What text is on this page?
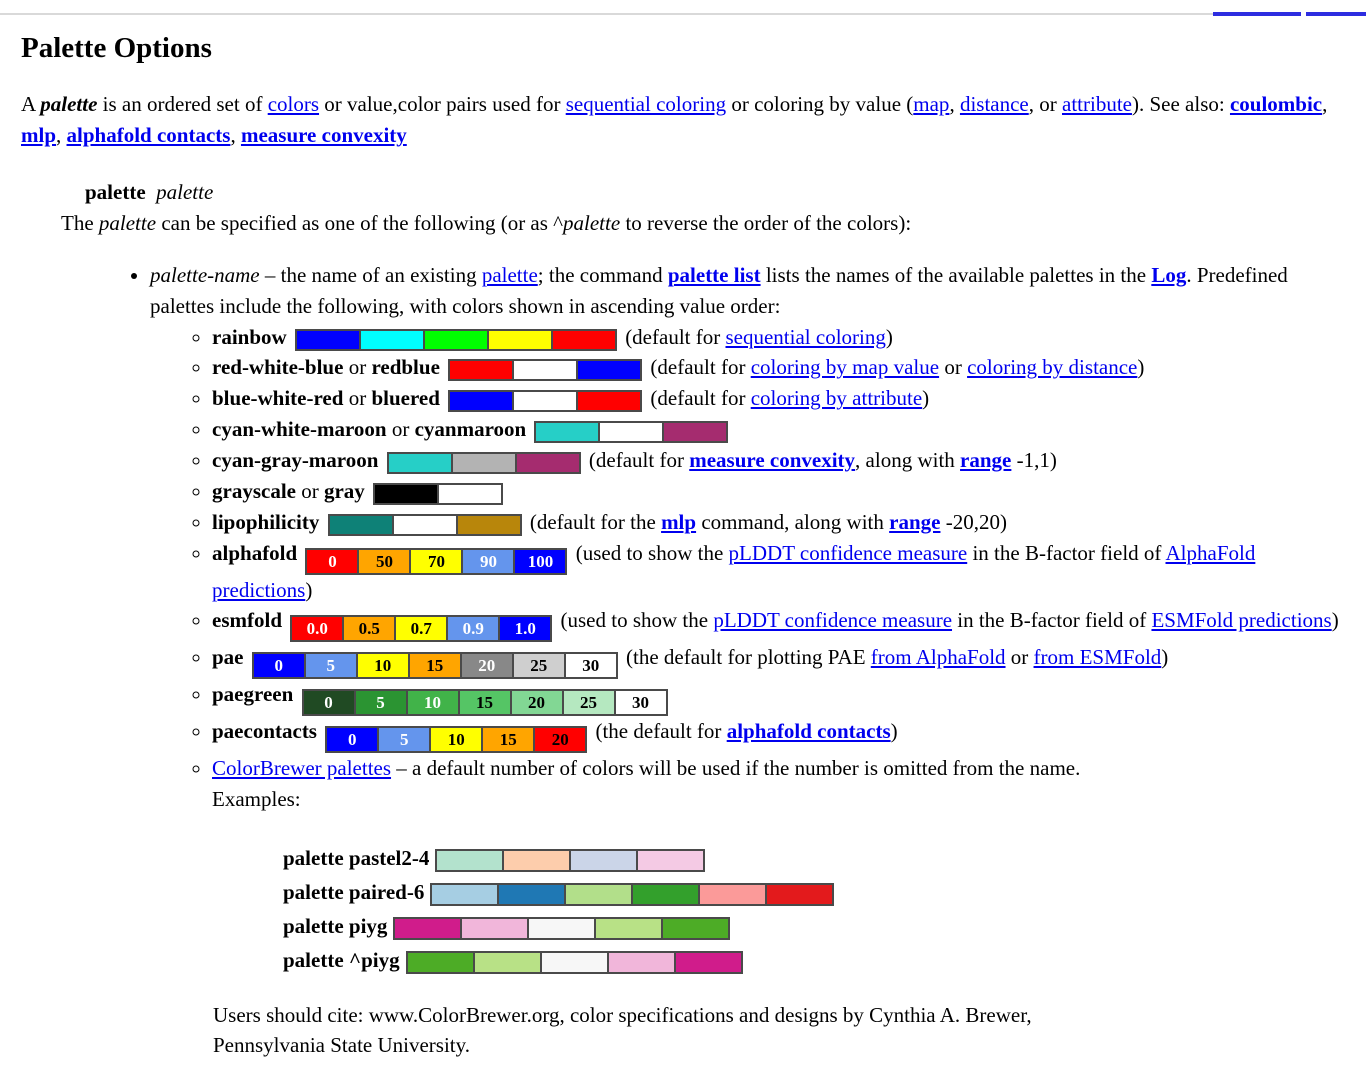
Palette Options

A palette is an ordered set of colors or value,color pairs used for sequential coloring or coloring by value (map, distance, or attribute). See also: coulombic, mlp, alphafold contacts, measure convexity

palette palette
The palette can be specified as one of the following (or as ^palette to reverse the order of the colors):
• palette-name – the name of an existing palette; the command palette list lists the names of the available palettes in the Log. Predefined palettes include the following, with colors shown in ascending value order:
◦ rainbow	(default for sequential coloring)
◦ red-white-blue or redblue	(default for coloring by map value or coloring by distance)
◦ blue-white-red or bluered	(default for coloring by attribute)
◦ cyan-white-maroon or cyanmaroon
◦ cyan-gray-maroon	(default for measure convexity, along with range -1,1)
◦ grayscale or gray
◦ lipophilicity	(default for the mlp command, along with range -20,20)
◦ alphafold	0	50	70	90	100 (used to show the pLDDT confidence measure in the B-factor field of AlphaFold predictions)
◦ esmfold	0.0	0.5	0.7	0.9	1.0 (used to show the pLDDT confidence measure in the B-factor field of ESMFold predictions)
◦ pae	0	5	10	15	20	25	30	(the default for plotting PAE from AlphaFold or from ESMFold)
◦ paegreen	0	5	10	15	20	25	30
◦ paecontacts	0	5	10	15	20	(the default for alphafold contacts)
◦ ColorBrewer palettes – a default number of colors will be used if the number is omitted from the name.
Examples:
palette pastel2-4
palette paired-6
palette piyg
palette ^piyg

Users should cite: www.ColorBrewer.org, color specifications and designs by Cynthia A. Brewer,
Pennsylvania State University.
